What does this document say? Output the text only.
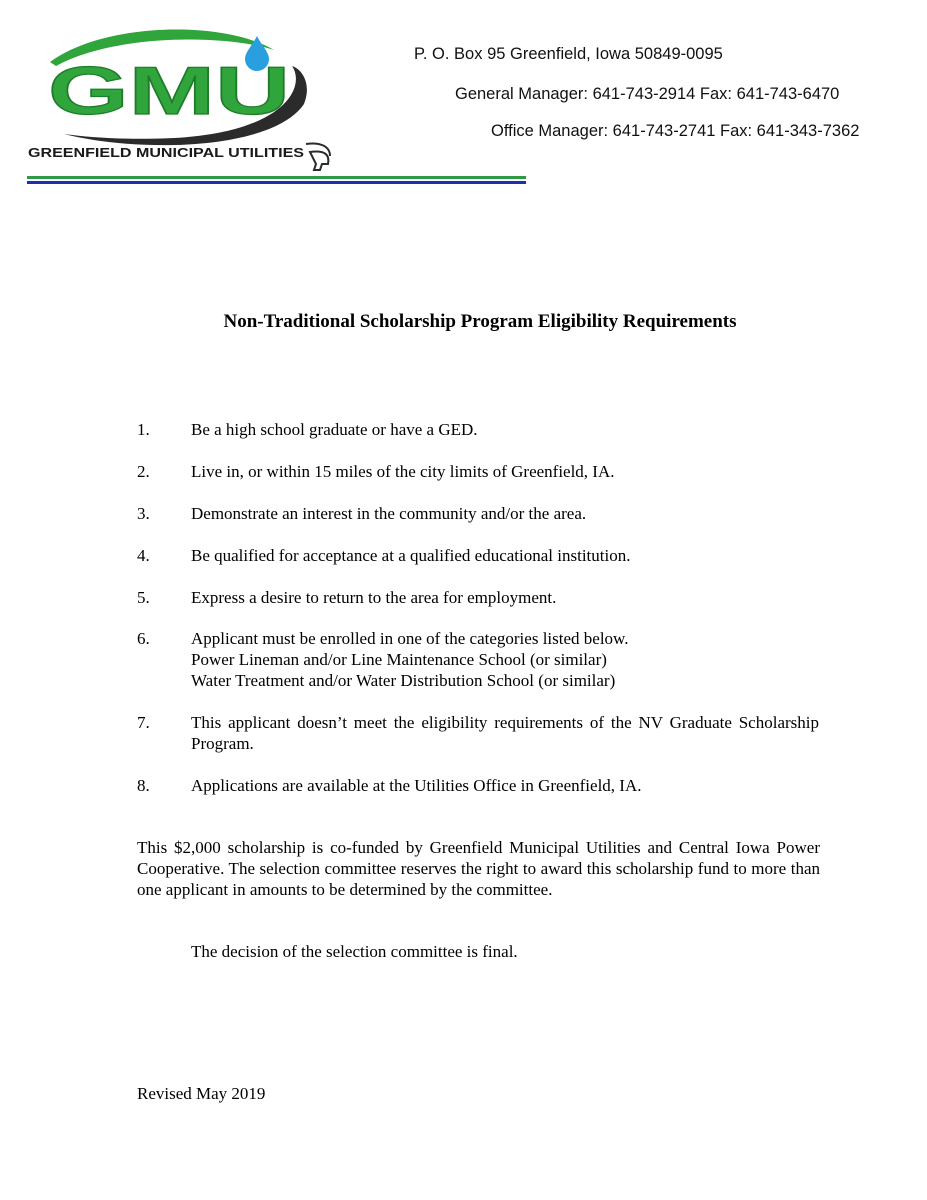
GMU
GREENFIELD MUNICIPAL UTILITIES
P. O. Box 95 Greenfield, Iowa 50849-0095
General Manager: 641-743-2914 Fax: 641-743-6470
Office Manager: 641-743-2741 Fax: 641-343-7362
Non-Traditional Scholarship Program Eligibility Requirements
1. Be a high school graduate or have a GED.
2. Live in, or within 15 miles of the city limits of Greenfield, IA.
3. Demonstrate an interest in the community and/or the area.
4. Be qualified for acceptance at a qualified educational institution.
5. Express a desire to return to the area for employment.
6. Applicant must be enrolled in one of the categories listed below.
Power Lineman and/or Line Maintenance School (or similar)
Water Treatment and/or Water Distribution School (or similar)
7. This applicant doesn’t meet the eligibility requirements of the NV Graduate Scholarship Program.
8. Applications are available at the Utilities Office in Greenfield, IA.
This $2,000 scholarship is co-funded by Greenfield Municipal Utilities and Central Iowa Power Cooperative. The selection committee reserves the right to award this scholarship fund to more than one applicant in amounts to be determined by the committee.
The decision of the selection committee is final.
Revised May 2019
